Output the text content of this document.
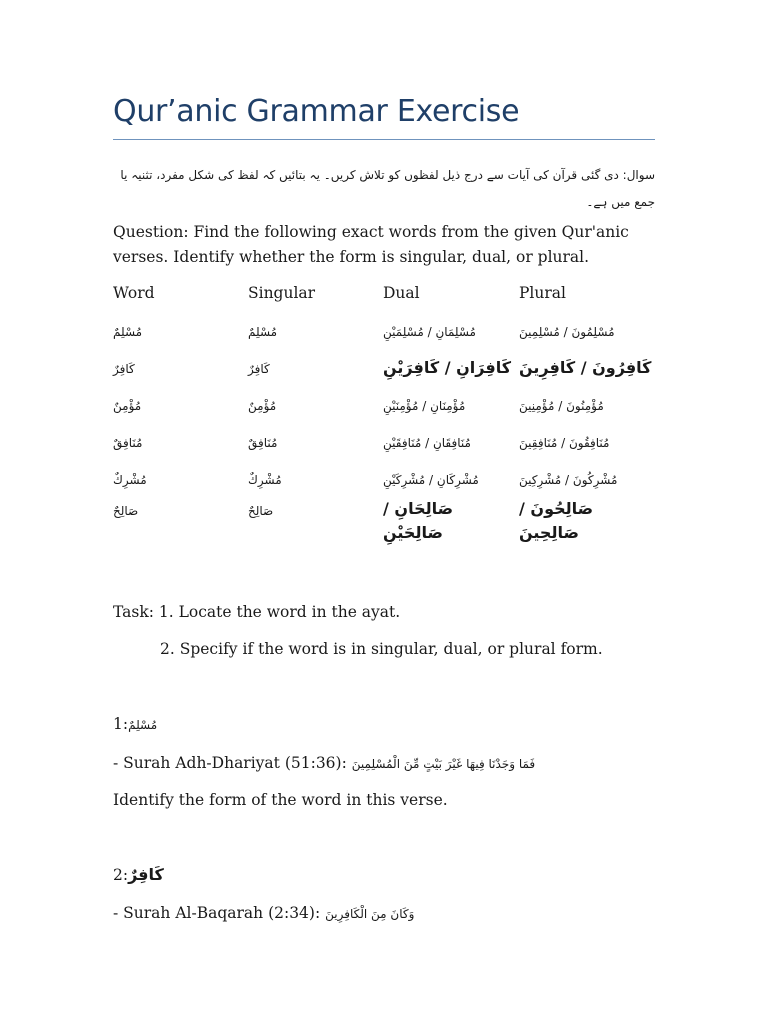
Qur’anic Grammar Exercise
سوال: دی گئی قرآن کی آیات سے درج ذیل لفظوں کو تلاش کریں۔ یہ بتائیں کہ لفظ کی شکل مفرد، تثنیہ یا جمع میں ہے۔
Question: Find the following exact words from the given Qur'anic verses. Identify whether the form is singular, dual, or plural.
Word	Singular	Dual	Plural
مُسْلِمٌ	مُسْلِمٌ	مُسْلِمَانِ / مُسْلِمَيْنِ	مُسْلِمُونَ / مُسْلِمِينَ
كَافِرٌ	كَافِرٌ	كَافِرَانِ / كَافِرَيْنِ	كَافِرُونَ / كَافِرِينَ
مُؤْمِنٌ	مُؤْمِنٌ	مُؤْمِنَانِ / مُؤْمِنَيْنِ	مُؤْمِنُونَ / مُؤْمِنِينَ
مُنَافِقٌ	مُنَافِقٌ	مُنَافِقَانِ / مُنَافِقَيْنِ	مُنَافِقُونَ / مُنَافِقِينَ
مُشْرِكٌ	مُشْرِكٌ	مُشْرِكَانِ / مُشْرِكَيْنِ	مُشْرِكُونَ / مُشْرِكِينَ
صَالِحٌ	صَالِحٌ	صَالِحَانِ / صَالِحَيْنِ	صَالِحُونَ / صَالِحِينَ
Task: 1. Locate the word in the ayat.
2. Specify if the word is in singular, dual, or plural form.
1:مُسْلِمٌ
- Surah Adh-Dhariyat (51:36): فَمَا وَجَدْنَا فِيهَا غَيْرَ بَيْتٍ مِّنَ الْمُسْلِمِينَ
Identify the form of the word in this verse.
2:كَافِرٌ
- Surah Al-Baqarah (2:34): وَكَانَ مِنَ الْكَافِرِينَ
